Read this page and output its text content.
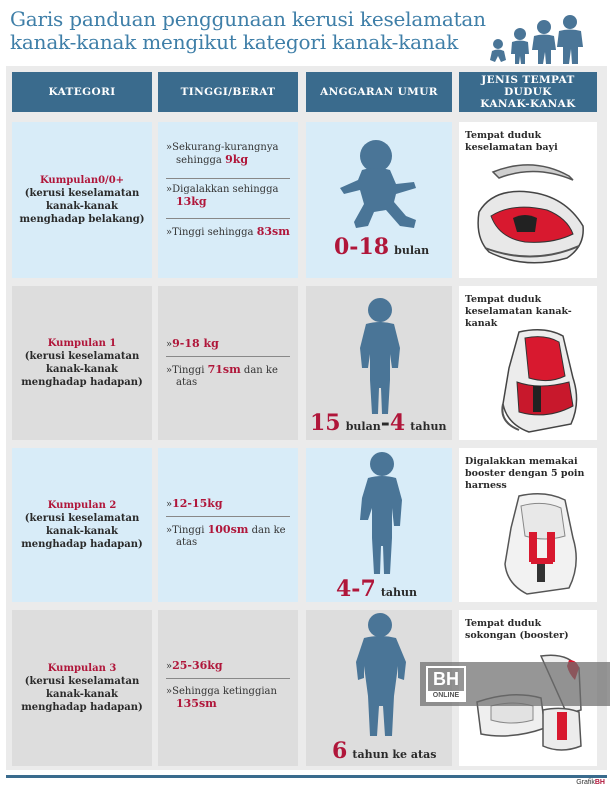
Garis panduan penggunaan kerusi keselamatan
kanak-kanak mengikut kategori kanak-kanak
KATEGORI	TINGGI/BERAT	ANGGARAN UMUR
JENIS TEMPAT
DUDUK
KANAK-KANAK
Kumpulan0/0+
(kerusi keselamatan
kanak-kanak
menghadap belakang)
»Sekurang-kurangnya sehingga 9kg
»Digalakkan sehingga 13kg
»Tinggi sehingga 83sm
0-18 bulan
Tempat duduk keselamatan bayi
Kumpulan 1
(kerusi keselamatan
kanak-kanak
menghadap hadapan)
»9-18 kg
»Tinggi 71sm dan ke atas
15 bulan-4 tahun
Tempat duduk keselamatan kanak-kanak
Kumpulan 2
(kerusi keselamatan
kanak-kanak
menghadap hadapan)
»12-15kg
»Tinggi 100sm dan ke atas
4-7 tahun
Digalakkan memakai booster dengan 5 poin harness
Kumpulan 3
(kerusi keselamatan
kanak-kanak
menghadap hadapan)
»25-36kg
»Sehingga ketinggian 135sm
6 tahun ke atas
Tempat duduk sokongan (booster)
BH
ONLINE
GrafikBH
